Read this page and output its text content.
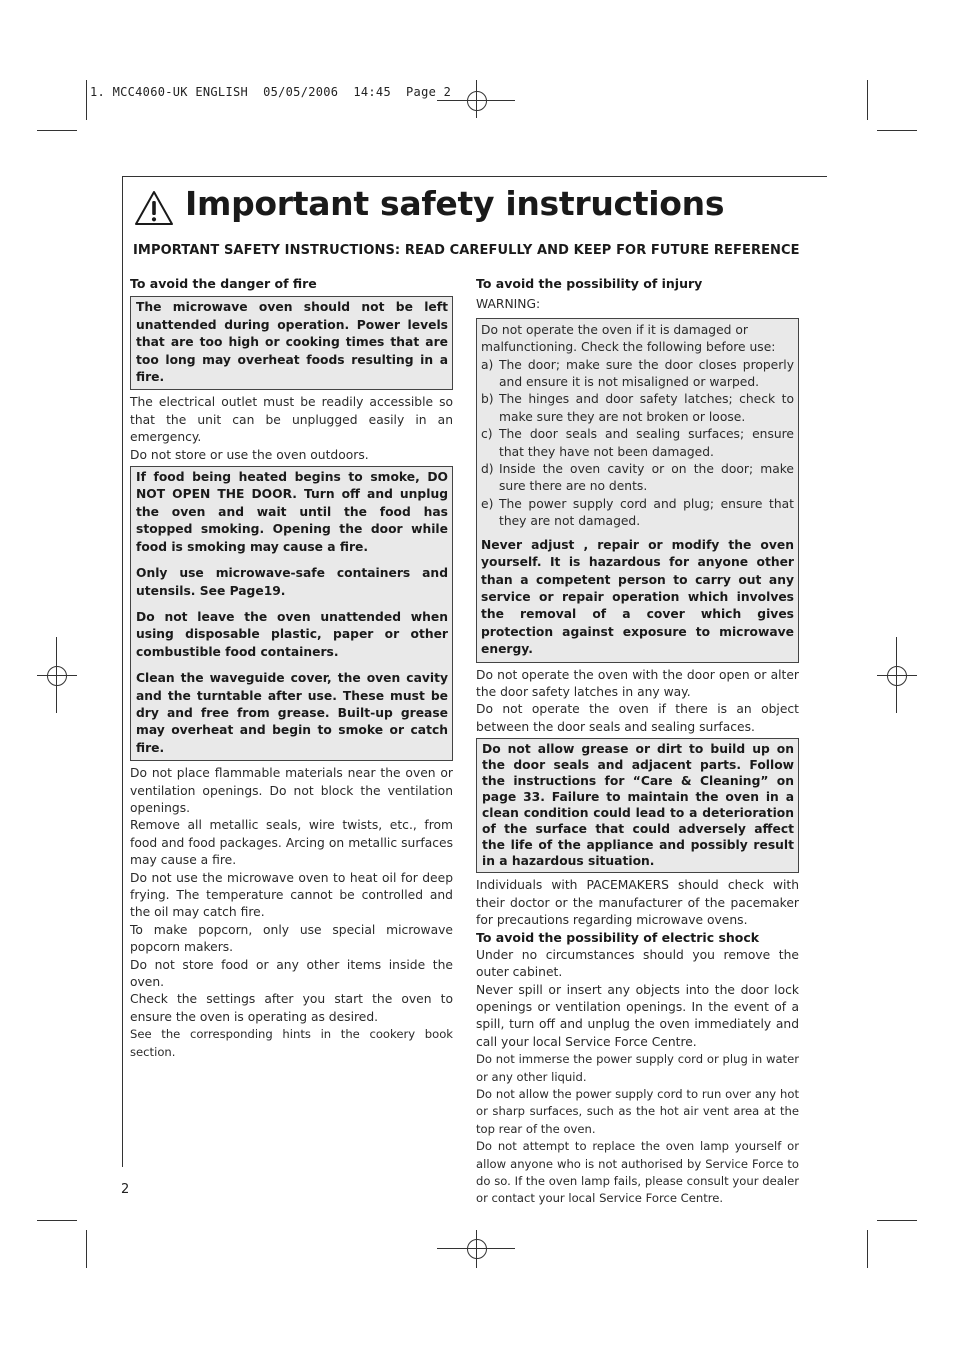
1. MCC4060-UK ENGLISH  05/05/2006  14:45  Page 2
Important safety instructions
IMPORTANT SAFETY INSTRUCTIONS: READ CAREFULLY AND KEEP FOR FUTURE REFERENCE
To avoid the danger of fire

The microwave oven should not be left unattended during operation. Power levels that are too high or cooking times that are too long may overheat foods resulting in a fire.

The electrical outlet must be readily accessible so that the unit can be unplugged easily in an emergency.

Do not store or use the oven outdoors.

If food being heated begins to smoke, DO NOT OPEN THE DOOR. Turn off and unplug the oven and wait until the food has stopped smoking. Opening the door while food is smoking may cause a fire.

Only use microwave-safe containers and utensils. See Page19.

Do not leave the oven unattended when using disposable plastic, paper or other combustible food containers.

Clean the waveguide cover, the oven cavity and the turntable after use. These must be dry and free from grease. Built-up grease may overheat and begin to smoke or catch fire.

Do not place flammable materials near the oven or ventilation openings. Do not block the ventilation openings.

Remove all metallic seals, wire twists, etc., from food and food packages. Arcing on metallic surfaces may cause a fire.

Do not use the microwave oven to heat oil for deep frying. The temperature cannot be controlled and the oil may catch fire.

To make popcorn, only use special microwave popcorn makers.

Do not store food or any other items inside the oven.

Check the settings after you start the oven to ensure the oven is operating as desired.

See the corresponding hints in the cookery book section.

To avoid the possibility of injury

WARNING:

Do not operate the oven if it is damaged or malfunctioning. Check the following before use:

a) The door; make sure the door closes properly and ensure it is not misaligned or warped.
b) The hinges and door safety latches; check to make sure they are not broken or loose.
c) The door seals and sealing surfaces; ensure that they have not been damaged.
d) Inside the oven cavity or on the door; make sure there are no dents.
e) The power supply cord and plug; ensure that they are not damaged.

Never adjust , repair or modify the oven yourself. It is hazardous for anyone other than a competent person to carry out any service or repair operation which involves the removal of a cover which gives protection against exposure to microwave energy.

Do not operate the oven with the door open or alter the door safety latches in any way.

Do not operate the oven if there is an object between the door seals and sealing surfaces.

Do not allow grease or dirt to build up on the door seals and adjacent parts. Follow the instructions for “Care & Cleaning” on page 33. Failure to maintain the oven in a clean condition could lead to a deterioration of the surface that could adversely affect the life of the appliance and possibly result in a hazardous situation.

Individuals with PACEMAKERS should check with their doctor or the manufacturer of the pacemaker for precautions regarding microwave ovens.

To avoid the possibility of electric shock

Under no circumstances should you remove the outer cabinet.

Never spill or insert any objects into the door lock openings or ventilation openings. In the event of a spill, turn off and unplug the oven immediately and call your local Service Force Centre.

Do not immerse the power supply cord or plug in water or any other liquid.

Do not allow the power supply cord to run over any hot or sharp surfaces, such as the hot air vent area at the top rear of the oven.

Do not attempt to replace the oven lamp yourself or allow anyone who is not authorised by Service Force to do so. If the oven lamp fails, please consult your dealer or contact your local Service Force Centre.

2
